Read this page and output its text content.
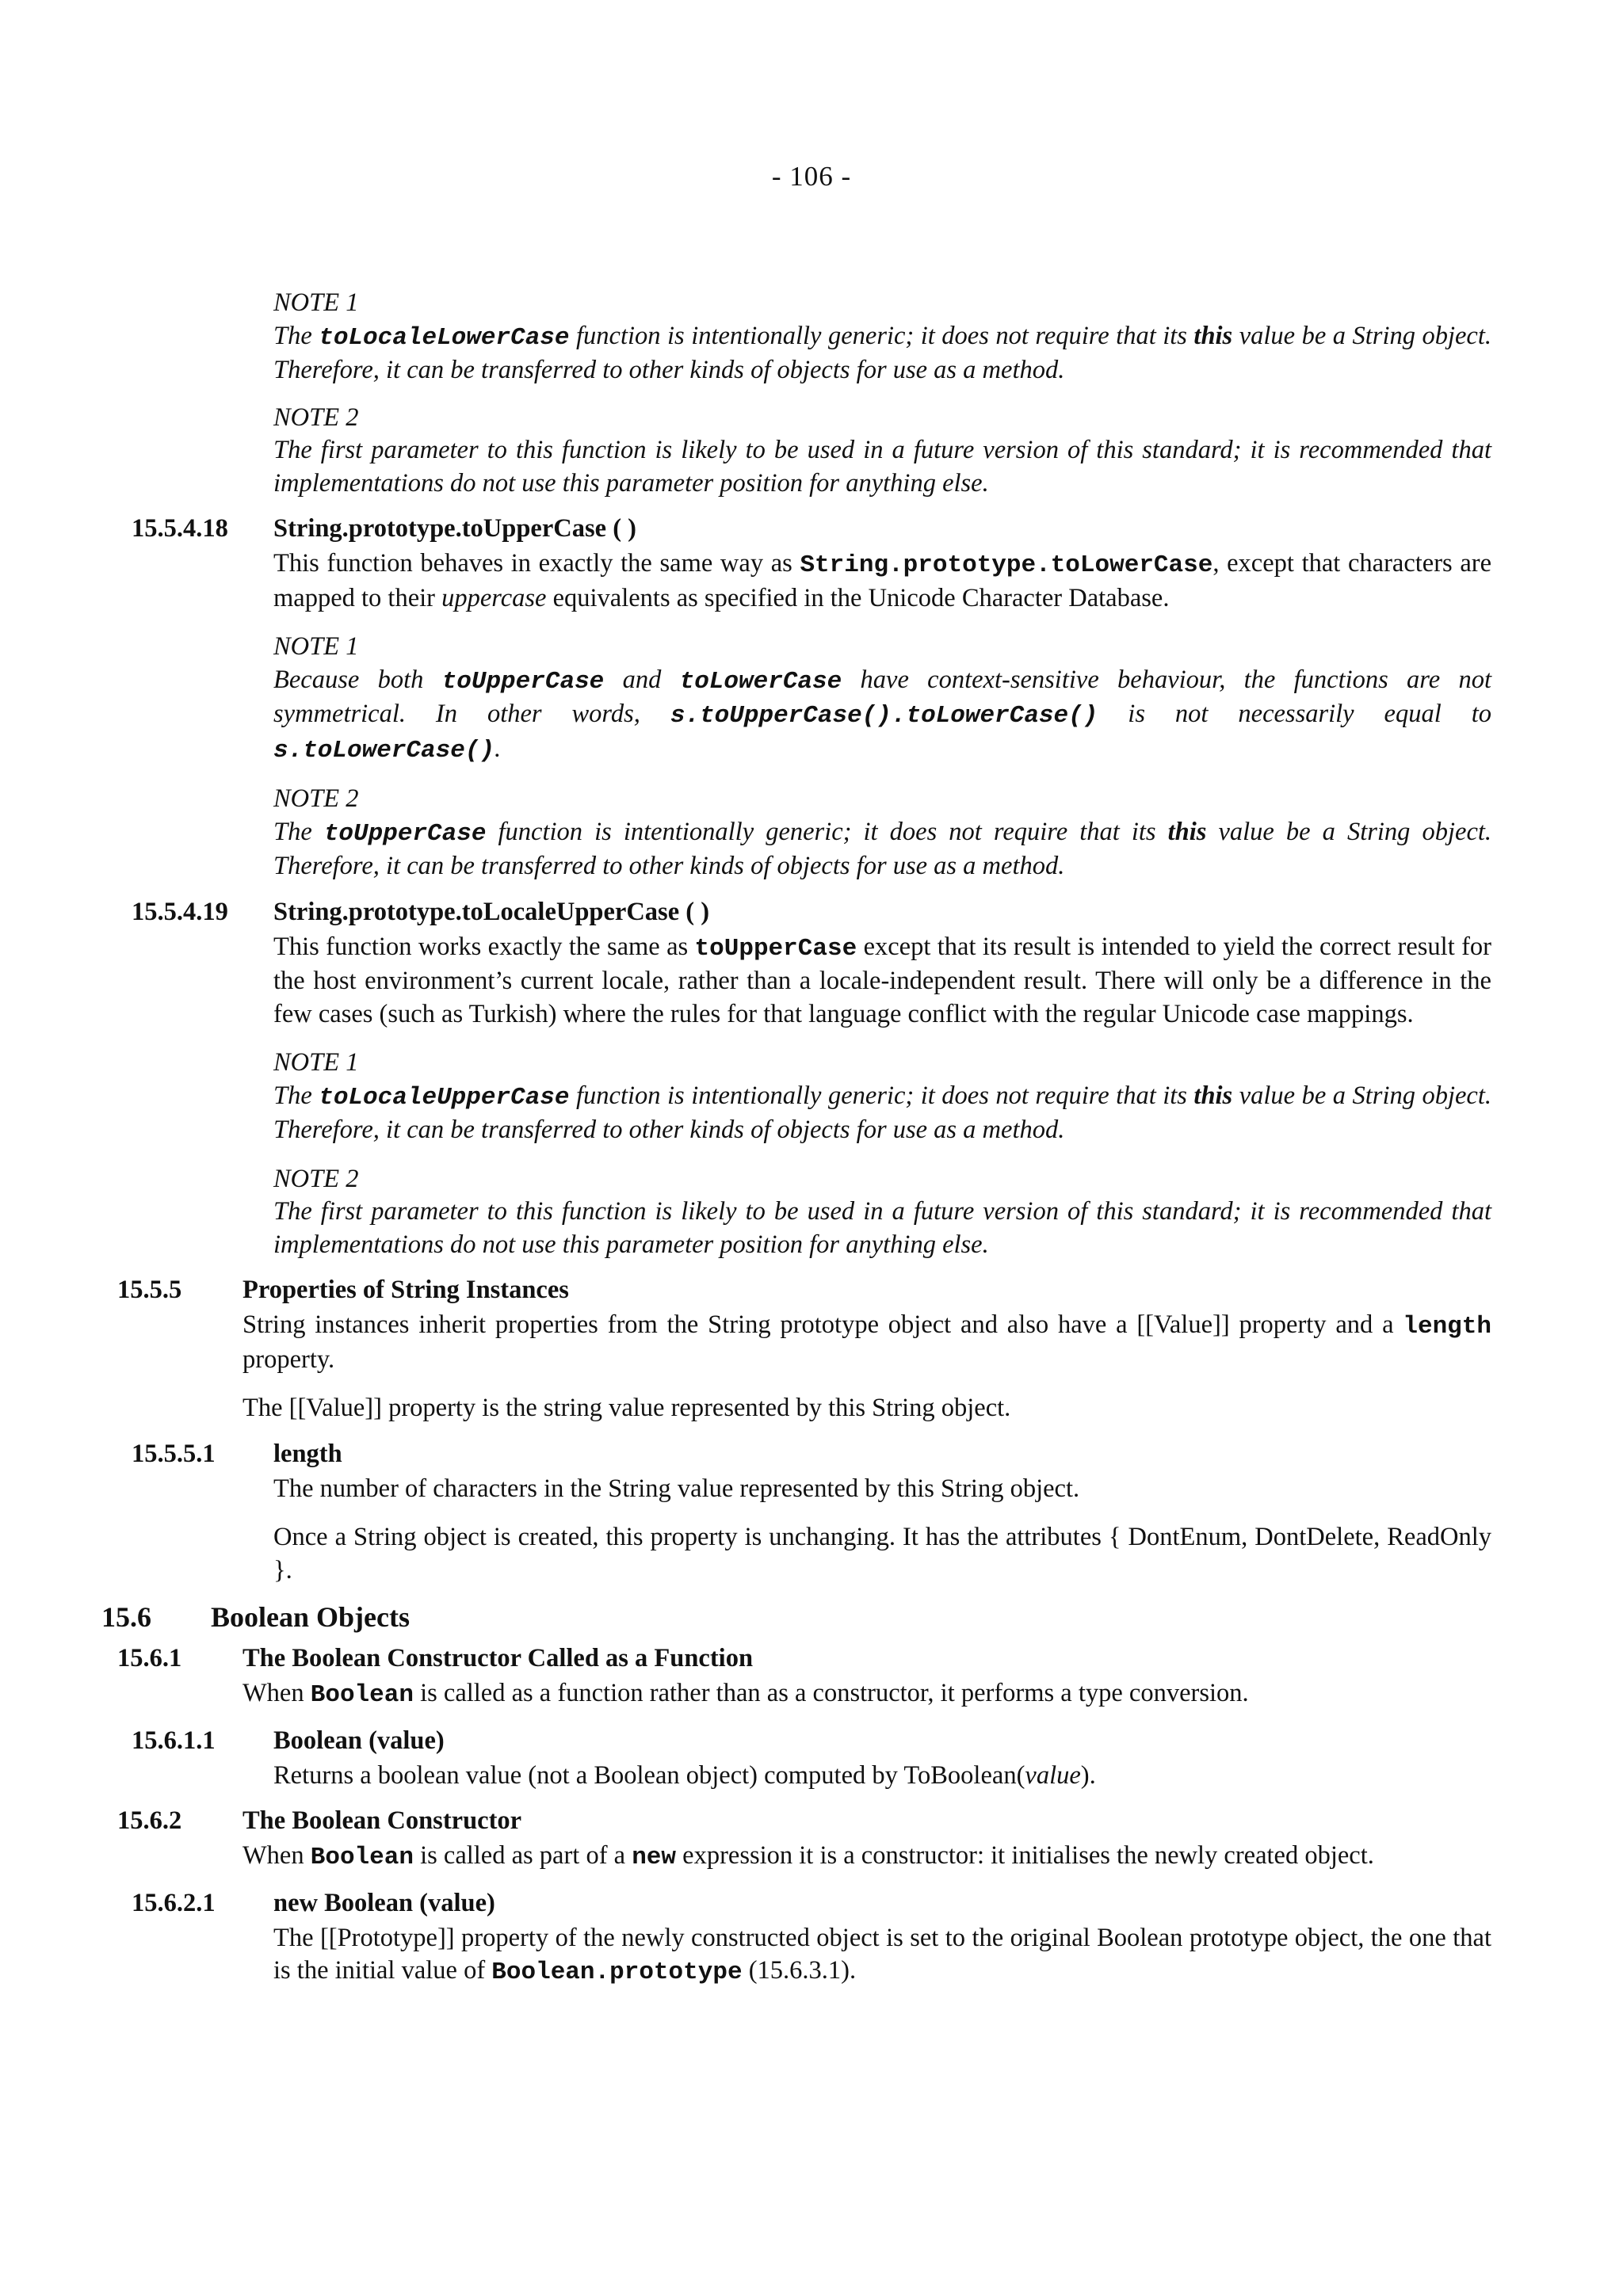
- 106 -
NOTE 1
The toLocaleLowerCase function is intentionally generic; it does not require that its this value be a String object. Therefore, it can be transferred to other kinds of objects for use as a method.
NOTE 2
The first parameter to this function is likely to be used in a future version of this standard; it is recommended that implementations do not use this parameter position for anything else.
15.5.4.18 String.prototype.toUpperCase ( )
This function behaves in exactly the same way as String.prototype.toLowerCase, except that characters are mapped to their uppercase equivalents as specified in the Unicode Character Database.
NOTE 1
Because both toUpperCase and toLowerCase have context-sensitive behaviour, the functions are not symmetrical. In other words, s.toUpperCase().toLowerCase() is not necessarily equal to s.toLowerCase().
NOTE 2
The toUpperCase function is intentionally generic; it does not require that its this value be a String object. Therefore, it can be transferred to other kinds of objects for use as a method.
15.5.4.19 String.prototype.toLocaleUpperCase ( )
This function works exactly the same as toUpperCase except that its result is intended to yield the correct result for the host environment’s current locale, rather than a locale-independent result. There will only be a difference in the few cases (such as Turkish) where the rules for that language conflict with the regular Unicode case mappings.
NOTE 1
The toLocaleUpperCase function is intentionally generic; it does not require that its this value be a String object. Therefore, it can be transferred to other kinds of objects for use as a method.
NOTE 2
The first parameter to this function is likely to be used in a future version of this standard; it is recommended that implementations do not use this parameter position for anything else.
15.5.5 Properties of String Instances
String instances inherit properties from the String prototype object and also have a [[Value]] property and a length property.
The [[Value]] property is the string value represented by this String object.
15.5.5.1 length
The number of characters in the String value represented by this String object.
Once a String object is created, this property is unchanging. It has the attributes { DontEnum, DontDelete, ReadOnly }.
15.6 Boolean Objects
15.6.1 The Boolean Constructor Called as a Function
When Boolean is called as a function rather than as a constructor, it performs a type conversion.
15.6.1.1 Boolean (value)
Returns a boolean value (not a Boolean object) computed by ToBoolean(value).
15.6.2 The Boolean Constructor
When Boolean is called as part of a new expression it is a constructor: it initialises the newly created object.
15.6.2.1 new Boolean (value)
The [[Prototype]] property of the newly constructed object is set to the original Boolean prototype object, the one that is the initial value of Boolean.prototype (15.6.3.1).
